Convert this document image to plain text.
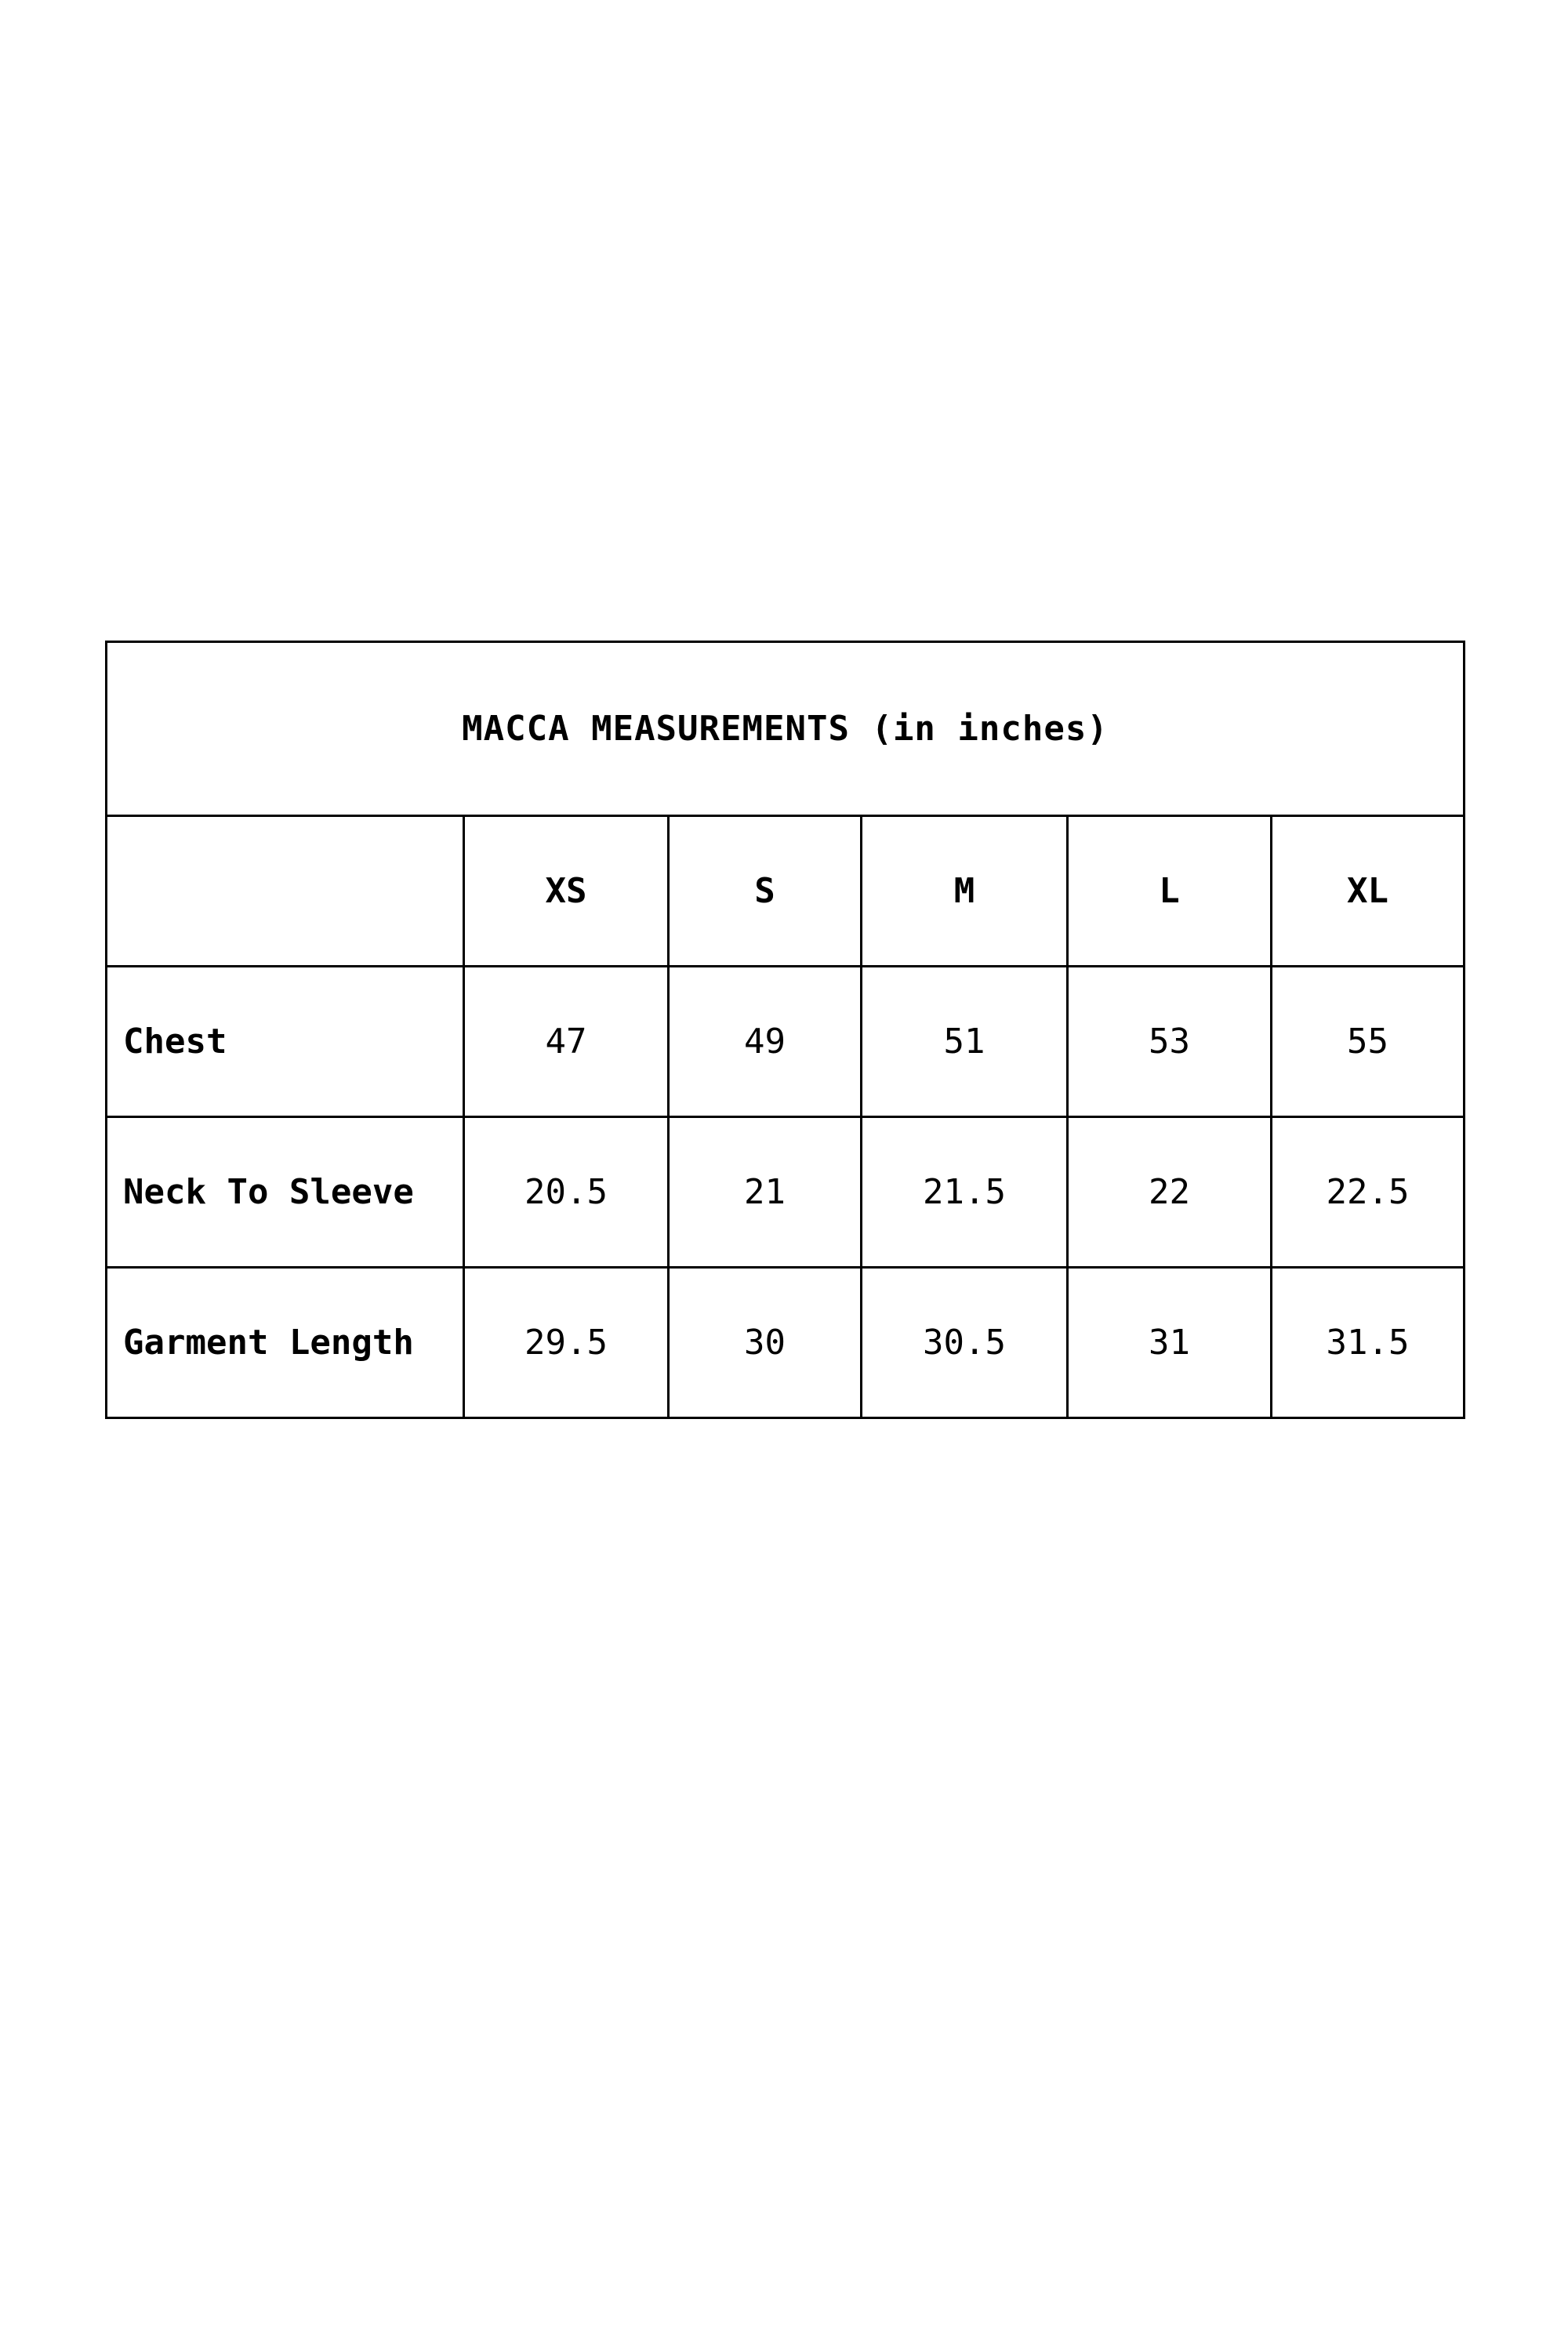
MACCA MEASUREMENTS (in inches)					
	XS	S	M	L	XL
Chest	47	49	51	53	55
Neck To Sleeve	20.5	21	21.5	22	22.5
Garment Length	29.5	30	30.5	31	31.5
